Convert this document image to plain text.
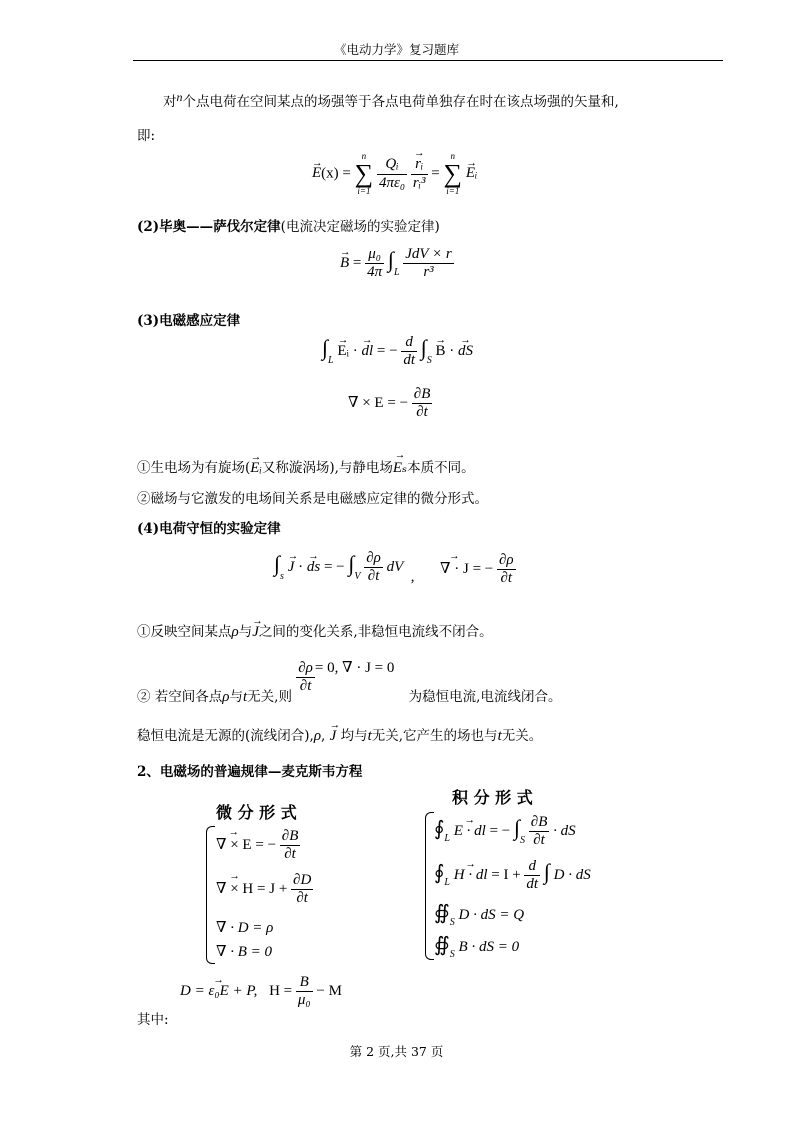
《电动力学》复习题库
对n个点电荷在空间某点的场强等于各点电荷单独存在时在该点场强的矢量和,
即:
→ E(x) =
n
∑
i=1
$\frac{\text{Qᵢ}}{\text{4πε₀}}$
→ $\frac{\text{rᵢ}}{\text{rᵢ³}}$ =
n
∑
i=1
→ Eᵢ
(2)毕奥——萨伐尔定律(电流决定磁场的实验定律)
→ $B = \frac{\text{μ₀}}{4\pi} \int_L \frac{\text{JdV × r}}{\text{r³}}$
(3)电磁感应定律
$\int_L$ → Eᵢ · → dl = − $\frac{d}{dt} \int_S \to B$ · → dS
∇ × E = − $\frac{\partial B}{\partial t}$
①生电场为有旋场(→ Eᵢ又称漩涡场),与静电场→ Eₛ本质不同。
②磁场与它激发的电场间关系是电磁感应定律的微分形式。
(4)电荷守恒的实验定律
$\int_s \to J$ · → ds = − $\int_V \frac{\partial\rho}{\partial t}$ dV , → ∇ · J = − $\frac{\partial\rho}{\partial t}$
①反映空间某点ρ与→ J之间的变化关系,非稳恒电流线不闭合。
② 若空间各点ρ与t无关,则
$\frac{\partial\rho}{\partial t} = 0$, ∇ · J = 0 为稳恒电流,电流线闭合。
稳恒电流是无源的(流线闭合),ρ, → J 均与t无关,它产生的场也与t无关。
2、电磁场的普遍规律—麦克斯韦方程
微 分 形 式
积 分 形 式
→ ∇ × E = − $\frac{\partial B}{\partial t}$
→ ∇ × $H = J + \frac{\partial D}{\partial t}$
∇ · D = ρ
∇ · B = 0
$∮_L \to E$ · dl = − $\int_S \frac{\partial B}{\partial t}$ · dS
$∮_L \to H$ · dl = $I + \frac{d}{dt}$ ∫ D · dS
$∯_S$ D · dS = Q
$∯_S$ B · dS = 0
→ D = ε₀E + P, $H = \frac{B}{\text{μ₀}} - M$
其中:
第 2 页,共 37 页
